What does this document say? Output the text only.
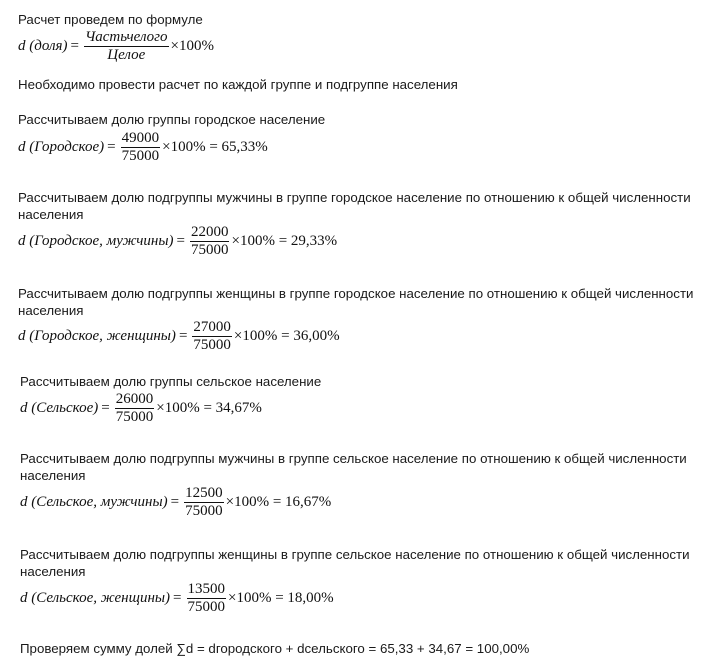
Расчет проведем по формуле
d (доля) = $\frac{\text{Частьчелого}}{\text{Целое}} \times 100\%$
Необходимо провести расчет по каждой группе и подгруппе населения
Рассчитываем долю группы городское население
d (Городское) = $\frac{49000}{75000} \times 100\% = 65,33\%$
Рассчитываем долю подгруппы мужчины в группе городское население по отношению к общей численности населения
d (Городское, мужчины) = $\frac{22000}{75000} \times 100\% = 29,33\%$
Рассчитываем долю подгруппы женщины в группе городское население по отношению к общей численности населения
d (Городское, женщины) = $\frac{27000}{75000} \times 100\% = 36,00\%$
Рассчитываем долю группы сельское население
d (Сельское) = $\frac{26000}{75000} \times 100\% = 34,67\%$
Рассчитываем долю подгруппы мужчины в группе сельское население по отношению к общей численности населения
d (Сельское, мужчины) = $\frac{12500}{75000} \times 100\% = 16,67\%$
Рассчитываем долю подгруппы женщины в группе сельское население по отношению к общей численности населения
d (Сельское, женщины) = $\frac{13500}{75000} \times 100\% = 18,00\%$
Проверяем сумму долей ∑d = dгородского + dсельского = 65,33 + 34,67 = 100,00%
